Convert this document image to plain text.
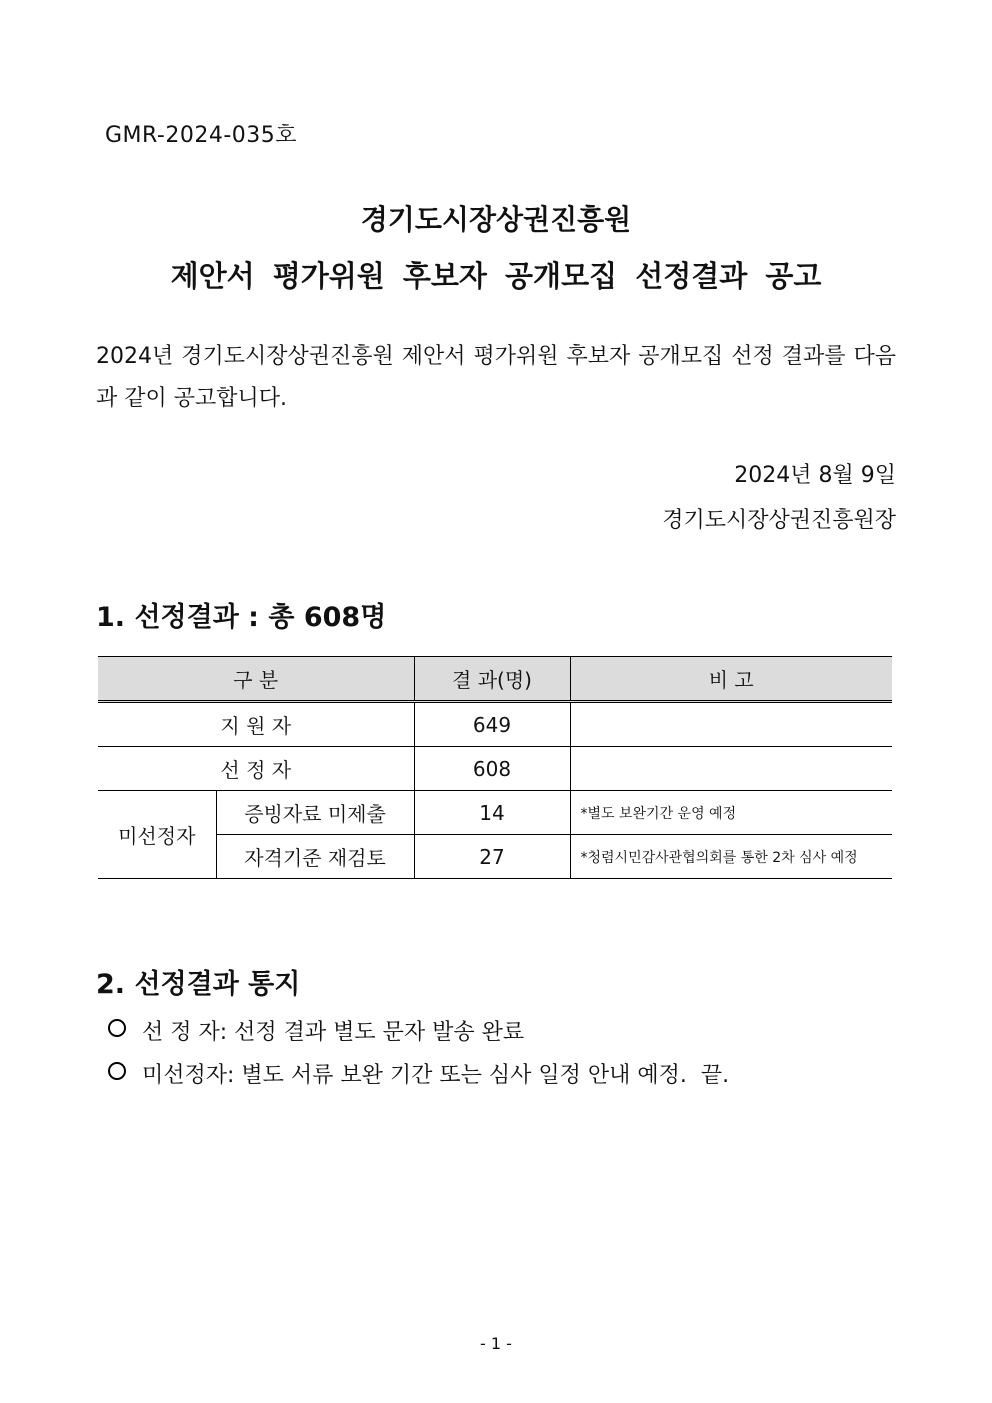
GMR-2024-035호
경기도시장상권진흥원
제안서 평가위원 후보자 공개모집 선정결과 공고
2024년 경기도시장상권진흥원 제안서 평가위원 후보자 공개모집 선정 결과를 다음과 같이 공고합니다.
2024년 8월 9일
경기도시장상권진흥원장
1. 선정결과 : 총 608명
구 분		결 과(명)	비 고
지 원 자		649	
선 정 자		608	
미선정자	증빙자료 미제출	14	*별도 보완기간 운영 예정
	자격기준 재검토	27	*청렴시민감사관협의회를 통한 2차 심사 예정
2. 선정결과 통지
선 정 자: 선정 결과 별도 문자 발송 완료
미선정자: 별도 서류 보완 기간 또는 심사 일정 안내 예정.  끝.
- 1 -
